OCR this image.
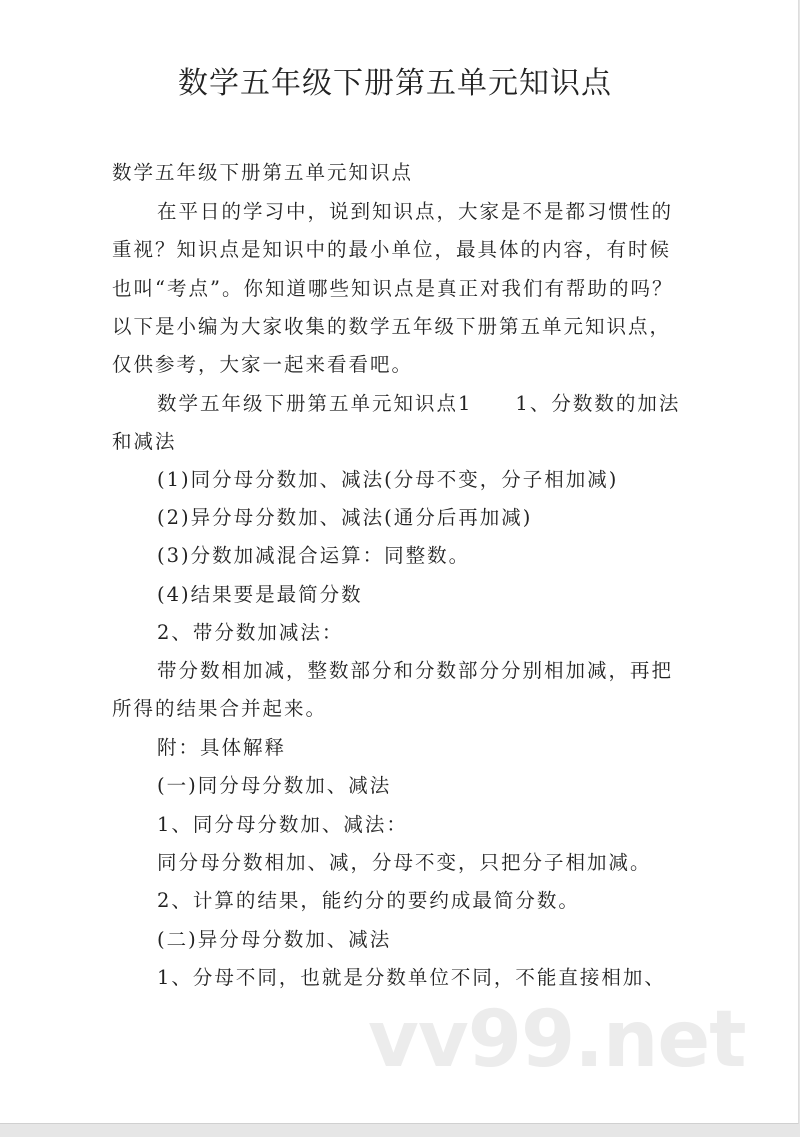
数学五年级下册第五单元知识点
数学五年级下册第五单元知识点
在平日的学习中，说到知识点，大家是不是都习惯性的
重视？知识点是知识中的最小单位，最具体的内容，有时候
也叫“考点”。你知道哪些知识点是真正对我们有帮助的吗？
以下是小编为大家收集的数学五年级下册第五单元知识点，
仅供参考，大家一起来看看吧。
数学五年级下册第五单元知识点1　　1、分数数的加法
和减法
(1)同分母分数加、减法(分母不变，分子相加减)
(2)异分母分数加、减法(通分后再加减)
(3)分数加减混合运算：同整数。
(4)结果要是最简分数
2、带分数加减法：
带分数相加减，整数部分和分数部分分别相加减，再把
所得的结果合并起来。
附：具体解释
(一)同分母分数加、减法
1、同分母分数加、减法：
同分母分数相加、减，分母不变，只把分子相加减。
2、计算的结果，能约分的要约成最简分数。
(二)异分母分数加、减法
1、分母不同，也就是分数单位不同，不能直接相加、
vv99.net
